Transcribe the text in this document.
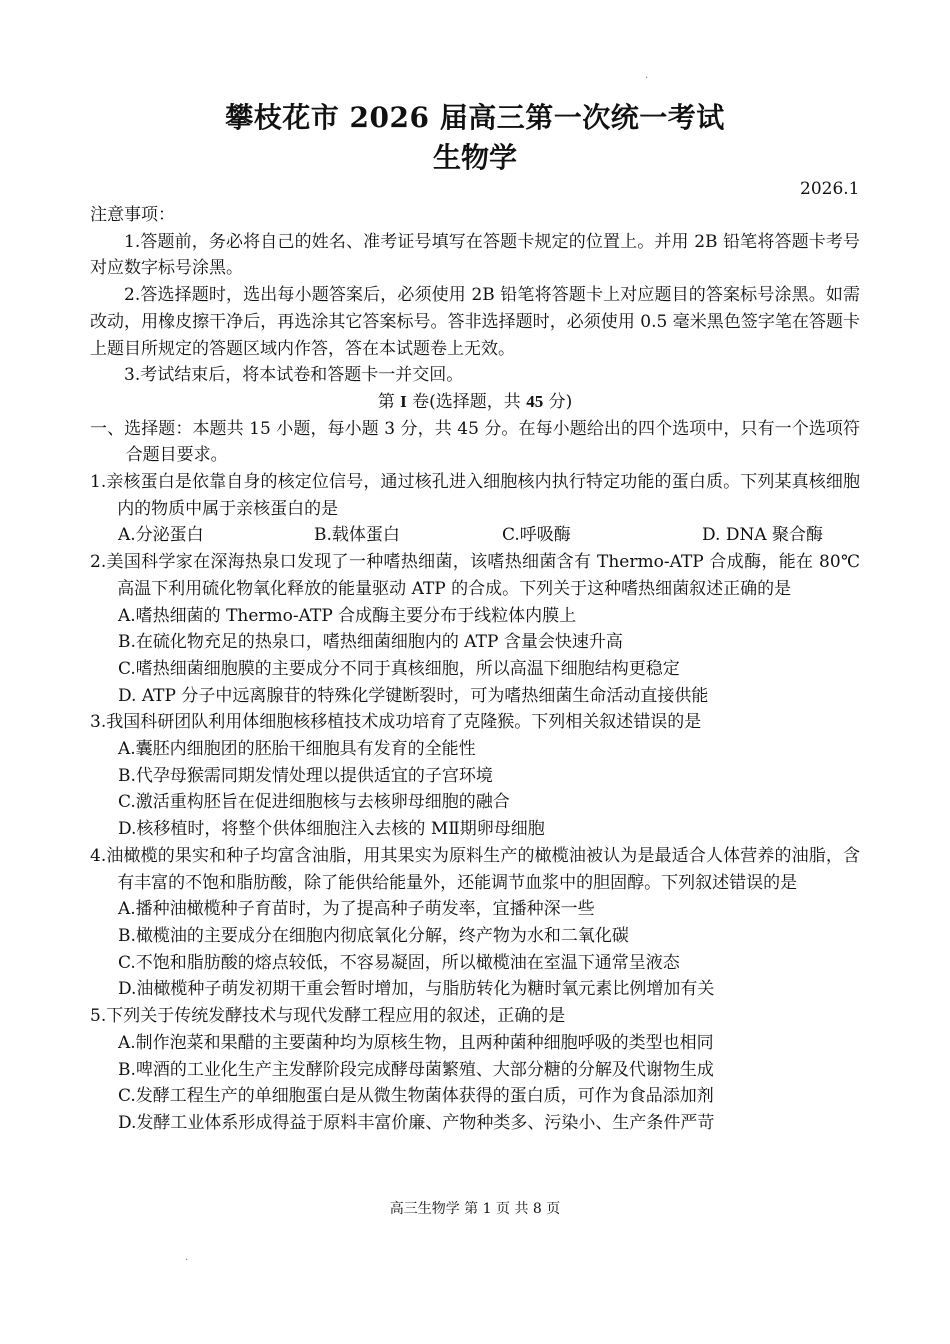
.
.
攀枝花市 2026 届高三第一次统一考试
生物学
2026.1

注意事项：

1.答题前，务必将自己的姓名、准考证号填写在答题卡规定的位置上。并用 2B 铅笔将答题卡考号对应数字标号涂黑。

2.答选择题时，选出每小题答案后，必须使用 2B 铅笔将答题卡上对应题目的答案标号涂黑。如需改动，用橡皮擦干净后，再选涂其它答案标号。答非选择题时，必须使用 0.5 毫米黑色签字笔在答题卡上题目所规定的答题区域内作答，答在本试题卷上无效。

3.考试结束后，将本试卷和答题卡一并交回。

第 I 卷(选择题，共 45 分)

一、选择题：本题共 15 小题，每小题 3 分，共 45 分。在每小题给出的四个选项中，只有一个选项符合题目要求。

1.亲核蛋白是依靠自身的核定位信号，通过核孔进入细胞核内执行特定功能的蛋白质。下列某真核细胞内的物质中属于亲核蛋白的是

A.分泌蛋白	B.载体蛋白	C.呼吸酶	D. DNA 聚合酶

2.美国科学家在深海热泉口发现了一种嗜热细菌，该嗜热细菌含有 Thermo-ATP 合成酶，能在 80℃高温下利用硫化物氧化释放的能量驱动 ATP 的合成。下列关于这种嗜热细菌叙述正确的是

A.嗜热细菌的 Thermo-ATP 合成酶主要分布于线粒体内膜上

B.在硫化物充足的热泉口，嗜热细菌细胞内的 ATP 含量会快速升高

C.嗜热细菌细胞膜的主要成分不同于真核细胞，所以高温下细胞结构更稳定

D. ATP 分子中远离腺苷的特殊化学键断裂时，可为嗜热细菌生命活动直接供能

3.我国科研团队利用体细胞核移植技术成功培育了克隆猴。下列相关叙述错误的是

A.囊胚内细胞团的胚胎干细胞具有发育的全能性

B.代孕母猴需同期发情处理以提供适宜的子宫环境

C.激活重构胚旨在促进细胞核与去核卵母细胞的融合

D.核移植时，将整个供体细胞注入去核的 MⅡ期卵母细胞

4.油橄榄的果实和种子均富含油脂，用其果实为原料生产的橄榄油被认为是最适合人体营养的油脂，含有丰富的不饱和脂肪酸，除了能供给能量外，还能调节血浆中的胆固醇。下列叙述错误的是

A.播种油橄榄种子育苗时，为了提高种子萌发率，宜播种深一些

B.橄榄油的主要成分在细胞内彻底氧化分解，终产物为水和二氧化碳

C.不饱和脂肪酸的熔点较低，不容易凝固，所以橄榄油在室温下通常呈液态

D.油橄榄种子萌发初期干重会暂时增加，与脂肪转化为糖时氧元素比例增加有关

5.下列关于传统发酵技术与现代发酵工程应用的叙述，正确的是

A.制作泡菜和果醋的主要菌种均为原核生物，且两种菌种细胞呼吸的类型也相同

B.啤酒的工业化生产主发酵阶段完成酵母菌繁殖、大部分糖的分解及代谢物生成

C.发酵工程生产的单细胞蛋白是从微生物菌体获得的蛋白质，可作为食品添加剂

D.发酵工业体系形成得益于原料丰富价廉、产物种类多、污染小、生产条件严苛

高三生物学 第 1 页 共 8 页
